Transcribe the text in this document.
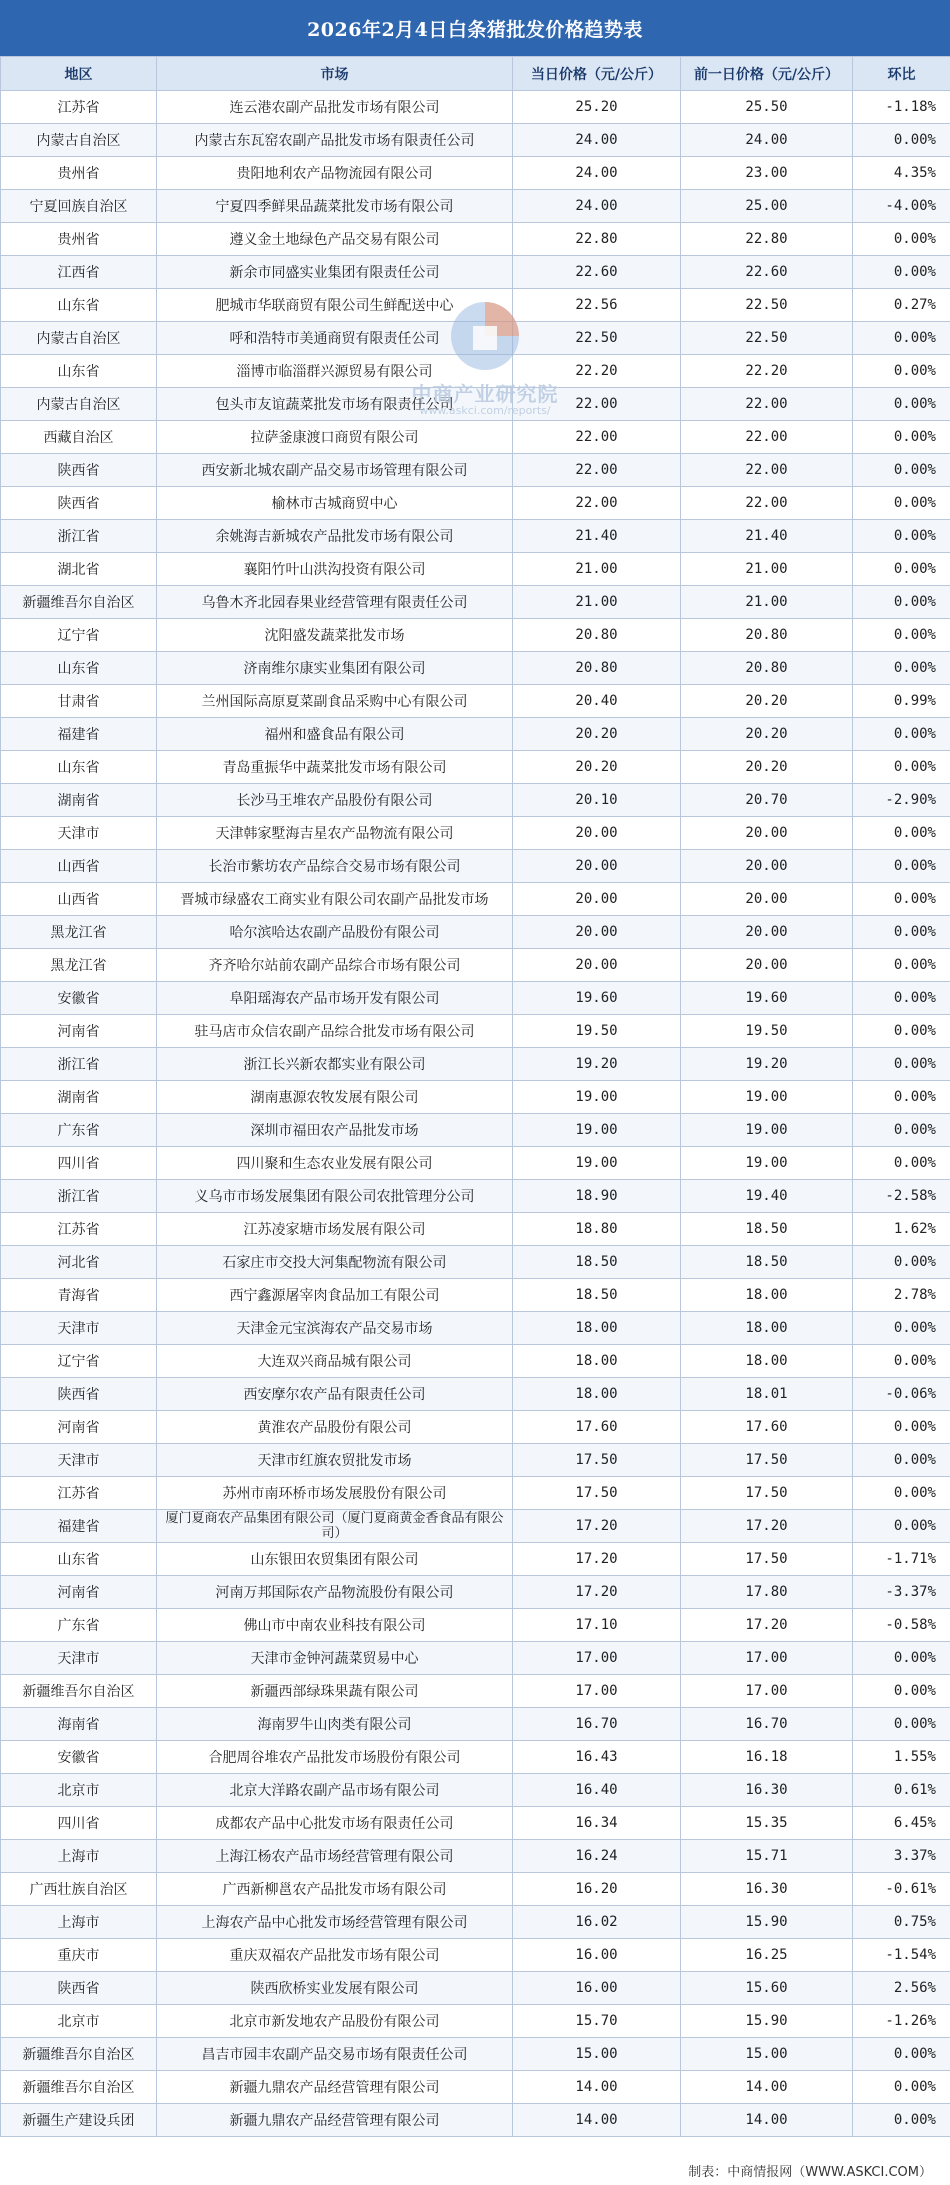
2026年2月4日白条猪批发价格趋势表
地区	市场	当日价格（元/公斤）	前一日价格（元/公斤）	环比
江苏省	连云港农副产品批发市场有限公司	25.20	25.50	-1.18%
内蒙古自治区	内蒙古东瓦窑农副产品批发市场有限责任公司	24.00	24.00	0.00%
贵州省	贵阳地利农产品物流园有限公司	24.00	23.00	4.35%
宁夏回族自治区	宁夏四季鲜果品蔬菜批发市场有限公司	24.00	25.00	-4.00%
贵州省	遵义金土地绿色产品交易有限公司	22.80	22.80	0.00%
江西省	新余市同盛实业集团有限责任公司	22.60	22.60	0.00%
山东省	肥城市华联商贸有限公司生鲜配送中心	22.56	22.50	0.27%
内蒙古自治区	呼和浩特市美通商贸有限责任公司	22.50	22.50	0.00%
山东省	淄博市临淄群兴源贸易有限公司	22.20	22.20	0.00%
内蒙古自治区	包头市友谊蔬菜批发市场有限责任公司	22.00	22.00	0.00%
西藏自治区	拉萨釜康渡口商贸有限公司	22.00	22.00	0.00%
陕西省	西安新北城农副产品交易市场管理有限公司	22.00	22.00	0.00%
陕西省	榆林市古城商贸中心	22.00	22.00	0.00%
浙江省	余姚海吉新城农产品批发市场有限公司	21.40	21.40	0.00%
湖北省	襄阳竹叶山洪沟投资有限公司	21.00	21.00	0.00%
新疆维吾尔自治区	乌鲁木齐北园春果业经营管理有限责任公司	21.00	21.00	0.00%
辽宁省	沈阳盛发蔬菜批发市场	20.80	20.80	0.00%
山东省	济南维尔康实业集团有限公司	20.80	20.80	0.00%
甘肃省	兰州国际高原夏菜副食品采购中心有限公司	20.40	20.20	0.99%
福建省	福州和盛食品有限公司	20.20	20.20	0.00%
山东省	青岛重振华中蔬菜批发市场有限公司	20.20	20.20	0.00%
湖南省	长沙马王堆农产品股份有限公司	20.10	20.70	-2.90%
天津市	天津韩家墅海吉星农产品物流有限公司	20.00	20.00	0.00%
山西省	长治市紫坊农产品综合交易市场有限公司	20.00	20.00	0.00%
山西省	晋城市绿盛农工商实业有限公司农副产品批发市场	20.00	20.00	0.00%
黑龙江省	哈尔滨哈达农副产品股份有限公司	20.00	20.00	0.00%
黑龙江省	齐齐哈尔站前农副产品综合市场有限公司	20.00	20.00	0.00%
安徽省	阜阳瑶海农产品市场开发有限公司	19.60	19.60	0.00%
河南省	驻马店市众信农副产品综合批发市场有限公司	19.50	19.50	0.00%
浙江省	浙江长兴新农都实业有限公司	19.20	19.20	0.00%
湖南省	湖南惠源农牧发展有限公司	19.00	19.00	0.00%
广东省	深圳市福田农产品批发市场	19.00	19.00	0.00%
四川省	四川聚和生态农业发展有限公司	19.00	19.00	0.00%
浙江省	义乌市市场发展集团有限公司农批管理分公司	18.90	19.40	-2.58%
江苏省	江苏凌家塘市场发展有限公司	18.80	18.50	1.62%
河北省	石家庄市交投大河集配物流有限公司	18.50	18.50	0.00%
青海省	西宁鑫源屠宰肉食品加工有限公司	18.50	18.00	2.78%
天津市	天津金元宝滨海农产品交易市场	18.00	18.00	0.00%
辽宁省	大连双兴商品城有限公司	18.00	18.00	0.00%
陕西省	西安摩尔农产品有限责任公司	18.00	18.01	-0.06%
河南省	黄淮农产品股份有限公司	17.60	17.60	0.00%
天津市	天津市红旗农贸批发市场	17.50	17.50	0.00%
江苏省	苏州市南环桥市场发展股份有限公司	17.50	17.50	0.00%
福建省	厦门夏商农产品集团有限公司（厦门夏商黄金香食品有限公司）	17.20	17.20	0.00%
山东省	山东银田农贸集团有限公司	17.20	17.50	-1.71%
河南省	河南万邦国际农产品物流股份有限公司	17.20	17.80	-3.37%
广东省	佛山市中南农业科技有限公司	17.10	17.20	-0.58%
天津市	天津市金钟河蔬菜贸易中心	17.00	17.00	0.00%
新疆维吾尔自治区	新疆西部绿珠果蔬有限公司	17.00	17.00	0.00%
海南省	海南罗牛山肉类有限公司	16.70	16.70	0.00%
安徽省	合肥周谷堆农产品批发市场股份有限公司	16.43	16.18	1.55%
北京市	北京大洋路农副产品市场有限公司	16.40	16.30	0.61%
四川省	成都农产品中心批发市场有限责任公司	16.34	15.35	6.45%
上海市	上海江杨农产品市场经营管理有限公司	16.24	15.71	3.37%
广西壮族自治区	广西新柳邕农产品批发市场有限公司	16.20	16.30	-0.61%
上海市	上海农产品中心批发市场经营管理有限公司	16.02	15.90	0.75%
重庆市	重庆双福农产品批发市场有限公司	16.00	16.25	-1.54%
陕西省	陕西欣桥实业发展有限公司	16.00	15.60	2.56%
北京市	北京市新发地农产品股份有限公司	15.70	15.90	-1.26%
新疆维吾尔自治区	昌吉市园丰农副产品交易市场有限责任公司	15.00	15.00	0.00%
新疆维吾尔自治区	新疆九鼎农产品经营管理有限公司	14.00	14.00	0.00%
新疆生产建设兵团	新疆九鼎农产品经营管理有限公司	14.00	14.00	0.00%
中商产业研究院
www.askci.com/reports/
制表：中商情报网（WWW.ASKCI.COM）
